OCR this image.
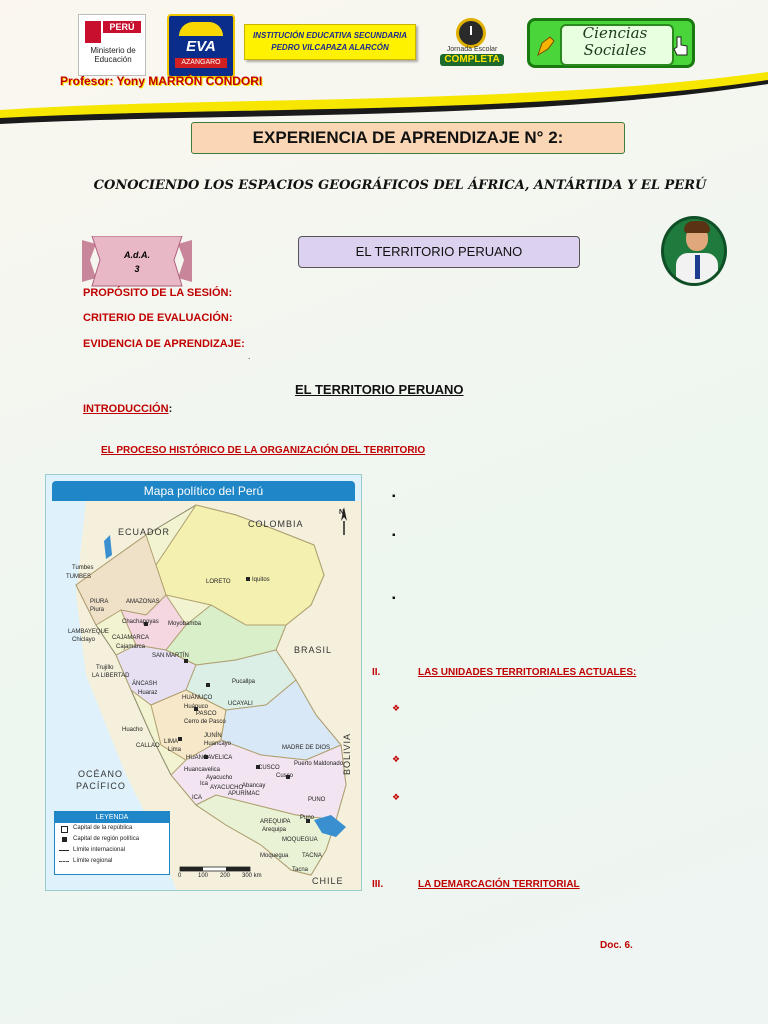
PERÚ
Ministerio de Educación
EVA
AZANGARO
INSTITUCIÓN EDUCATIVA SECUNDARIA
PEDRO VILCAPAZA ALARCÓN	Jornada Escolar
COMPLETA
Ciencias
Sociales
Profesor: Yony MARRÓN CONDORI
EXPERIENCIA DE APRENDIZAJE N° 2:
CONOCIENDO LOS ESPACIOS GEOGRÁFICOS DEL ÁFRICA, ANTÁRTIDA Y EL PERÚ
A.d.A.
3
EL TERRITORIO PERUANO
PROPÓSITO DE LA SESIÓN:
CRITERIO DE EVALUACIÓN:
EVIDENCIA DE APRENDIZAJE:
.
EL TERRITORIO PERUANO
INTRODUCCIÓN:
EL PROCESO HISTÓRICO DE LA ORGANIZACIÓN DEL TERRITORIO
Mapa político del Perú
ECUADOR
COLOMBIA
BRASIL
BOLIVIA
CHILE
OCÉANO
PACÍFICO
N
Tumbes
TUMBES
PIURA
Piura
LAMBAYEQUE
Chiclayo
AMAZONAS
Chachapoyas
CAJAMARCA
Cajamarca
Moyobamba
Trujillo
LA LIBERTAD
SAN MARTÍN
LORETO	Iquitos
ÁNCASH
Huaraz
HUÁNUCO
Huánuco
PASCO
Cerro de Pasco
UCAYALI
Pucallpa
Huacho
CALLAO
LIMA
Lima
JUNÍN
Huancayo
HUANCAVELICA
Huancavelica
Ica
ICA
Ayacucho
AYACUCHO
Abancay
APURÍMAC
CUSCO
Cusco
MADRE DE DIOS
Puerto Maldonado
PUNO
Puno
AREQUIPA
Arequipa
MOQUEGUA
Moquegua TACNA
Tacna
LEYENDA
Capital de la república
Capital de región política
Límite internacional
Límite regional
0	100 200 300 km
▪
▪
▪
II.	LAS UNIDADES TERRITORIALES ACTUALES:
❖
❖
❖
III.	LA DEMARCACIÓN TERRITORIAL
Doc. 6.
